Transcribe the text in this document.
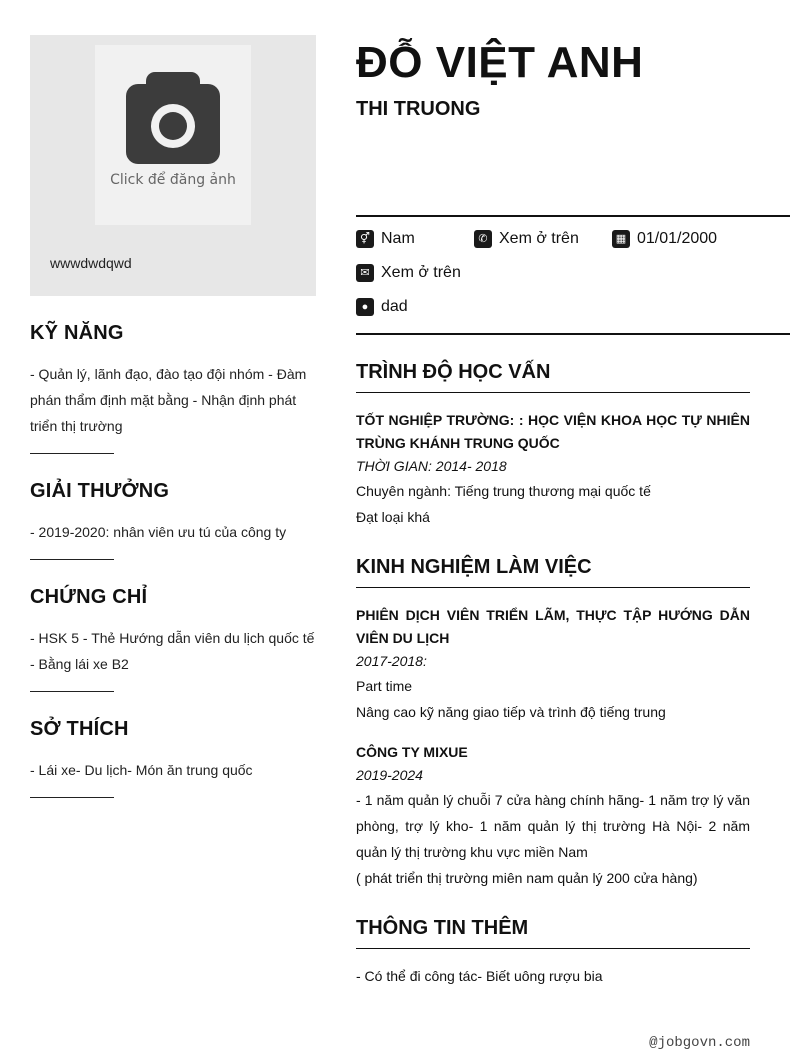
Click để đăng ảnh
wwwdwdqwd
KỸ NĂNG
- Quản lý, lãnh đạo, đào tạo đội nhóm - Đàm phán thẩm định mặt bằng - Nhận định phát triển thị trường
GIẢI THƯỞNG
- 2019-2020: nhân viên ưu tú của công ty
CHỨNG CHỈ
- HSK 5 - Thẻ Hướng dẫn viên du lịch quốc tế - Bằng lái xe B2
SỞ THÍCH
- Lái xe- Du lịch- Món ăn trung quốc
ĐỖ VIỆT ANH
THI TRUONG
⚥ Nam	✆ Xem ở trên	▦ 01/01/2000
✉ Xem ở trên
● dad
TRÌNH ĐỘ HỌC VẤN
TỐT NGHIỆP TRƯỜNG: : HỌC VIỆN KHOA HỌC TỰ NHIÊN TRÙNG KHÁNH TRUNG QUỐC
THỜI GIAN: 2014- 2018
Chuyên ngành: Tiếng trung thương mại quốc tế
Đạt loại khá
KINH NGHIỆM LÀM VIỆC
PHIÊN DỊCH VIÊN TRIỂN LÃM, THỰC TẬP HƯỚNG DẪN VIÊN DU LỊCH
2017-2018:
Part time
Nâng cao kỹ năng giao tiếp và trình độ tiếng trung
CÔNG TY MIXUE
2019-2024
- 1 năm quản lý chuỗi 7 cửa hàng chính hãng- 1 năm trợ lý văn phòng, trợ lý kho- 1 năm quản lý thị trường Hà Nội- 2 năm quản lý thị trường khu vực miền Nam
( phát triển thị trường miên nam quản lý 200 cửa hàng)
THÔNG TIN THÊM
- Có thể đi công tác- Biết uông rượu bia
@jobgovn.com
